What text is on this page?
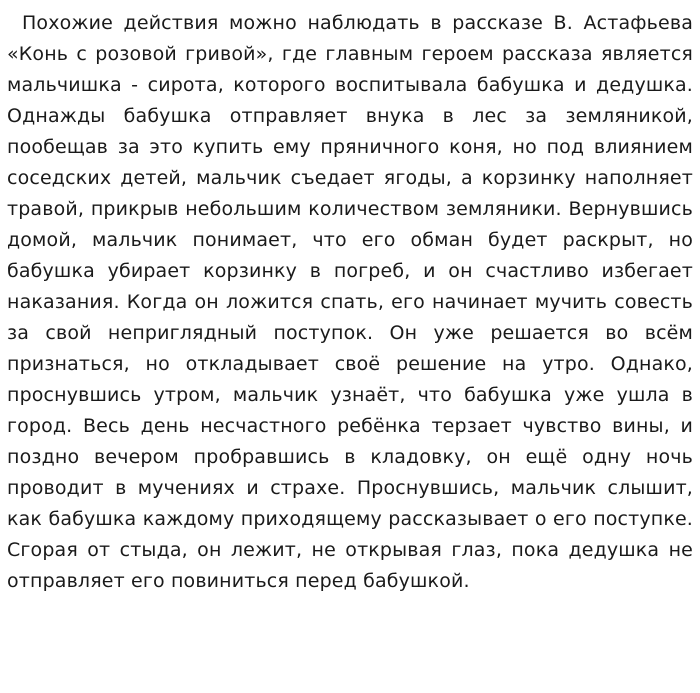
Похожие действия можно наблюдать в рассказе В. Астафьева «Конь с розовой гривой», где главным героем рассказа является мальчишка - сирота, которого воспитывала бабушка и дедушка. Однажды бабушка отправляет внука в лес за земляникой, пообещав за это купить ему пряничного коня, но под влиянием соседских детей, мальчик съедает ягоды, а корзинку наполняет травой, прикрыв небольшим количеством земляники. Вернувшись домой, мальчик понимает, что его обман будет раскрыт, но бабушка убирает корзинку в погреб, и он счастливо избегает наказания. Когда он ложится спать, его начинает мучить совесть за свой неприглядный поступок. Он уже решается во всём признаться, но откладывает своё решение на утро. Однако, проснувшись утром, мальчик узнаёт, что бабушка уже ушла в город. Весь день несчастного ребёнка терзает чувство вины, и поздно вечером пробравшись в кладовку, он ещё одну ночь проводит в мучениях и страхе. Проснувшись, мальчик слышит, как бабушка каждому приходящему рассказывает о его поступке. Сгорая от стыда, он лежит, не открывая глаз, пока дедушка не отправляет его повиниться перед бабушкой.
